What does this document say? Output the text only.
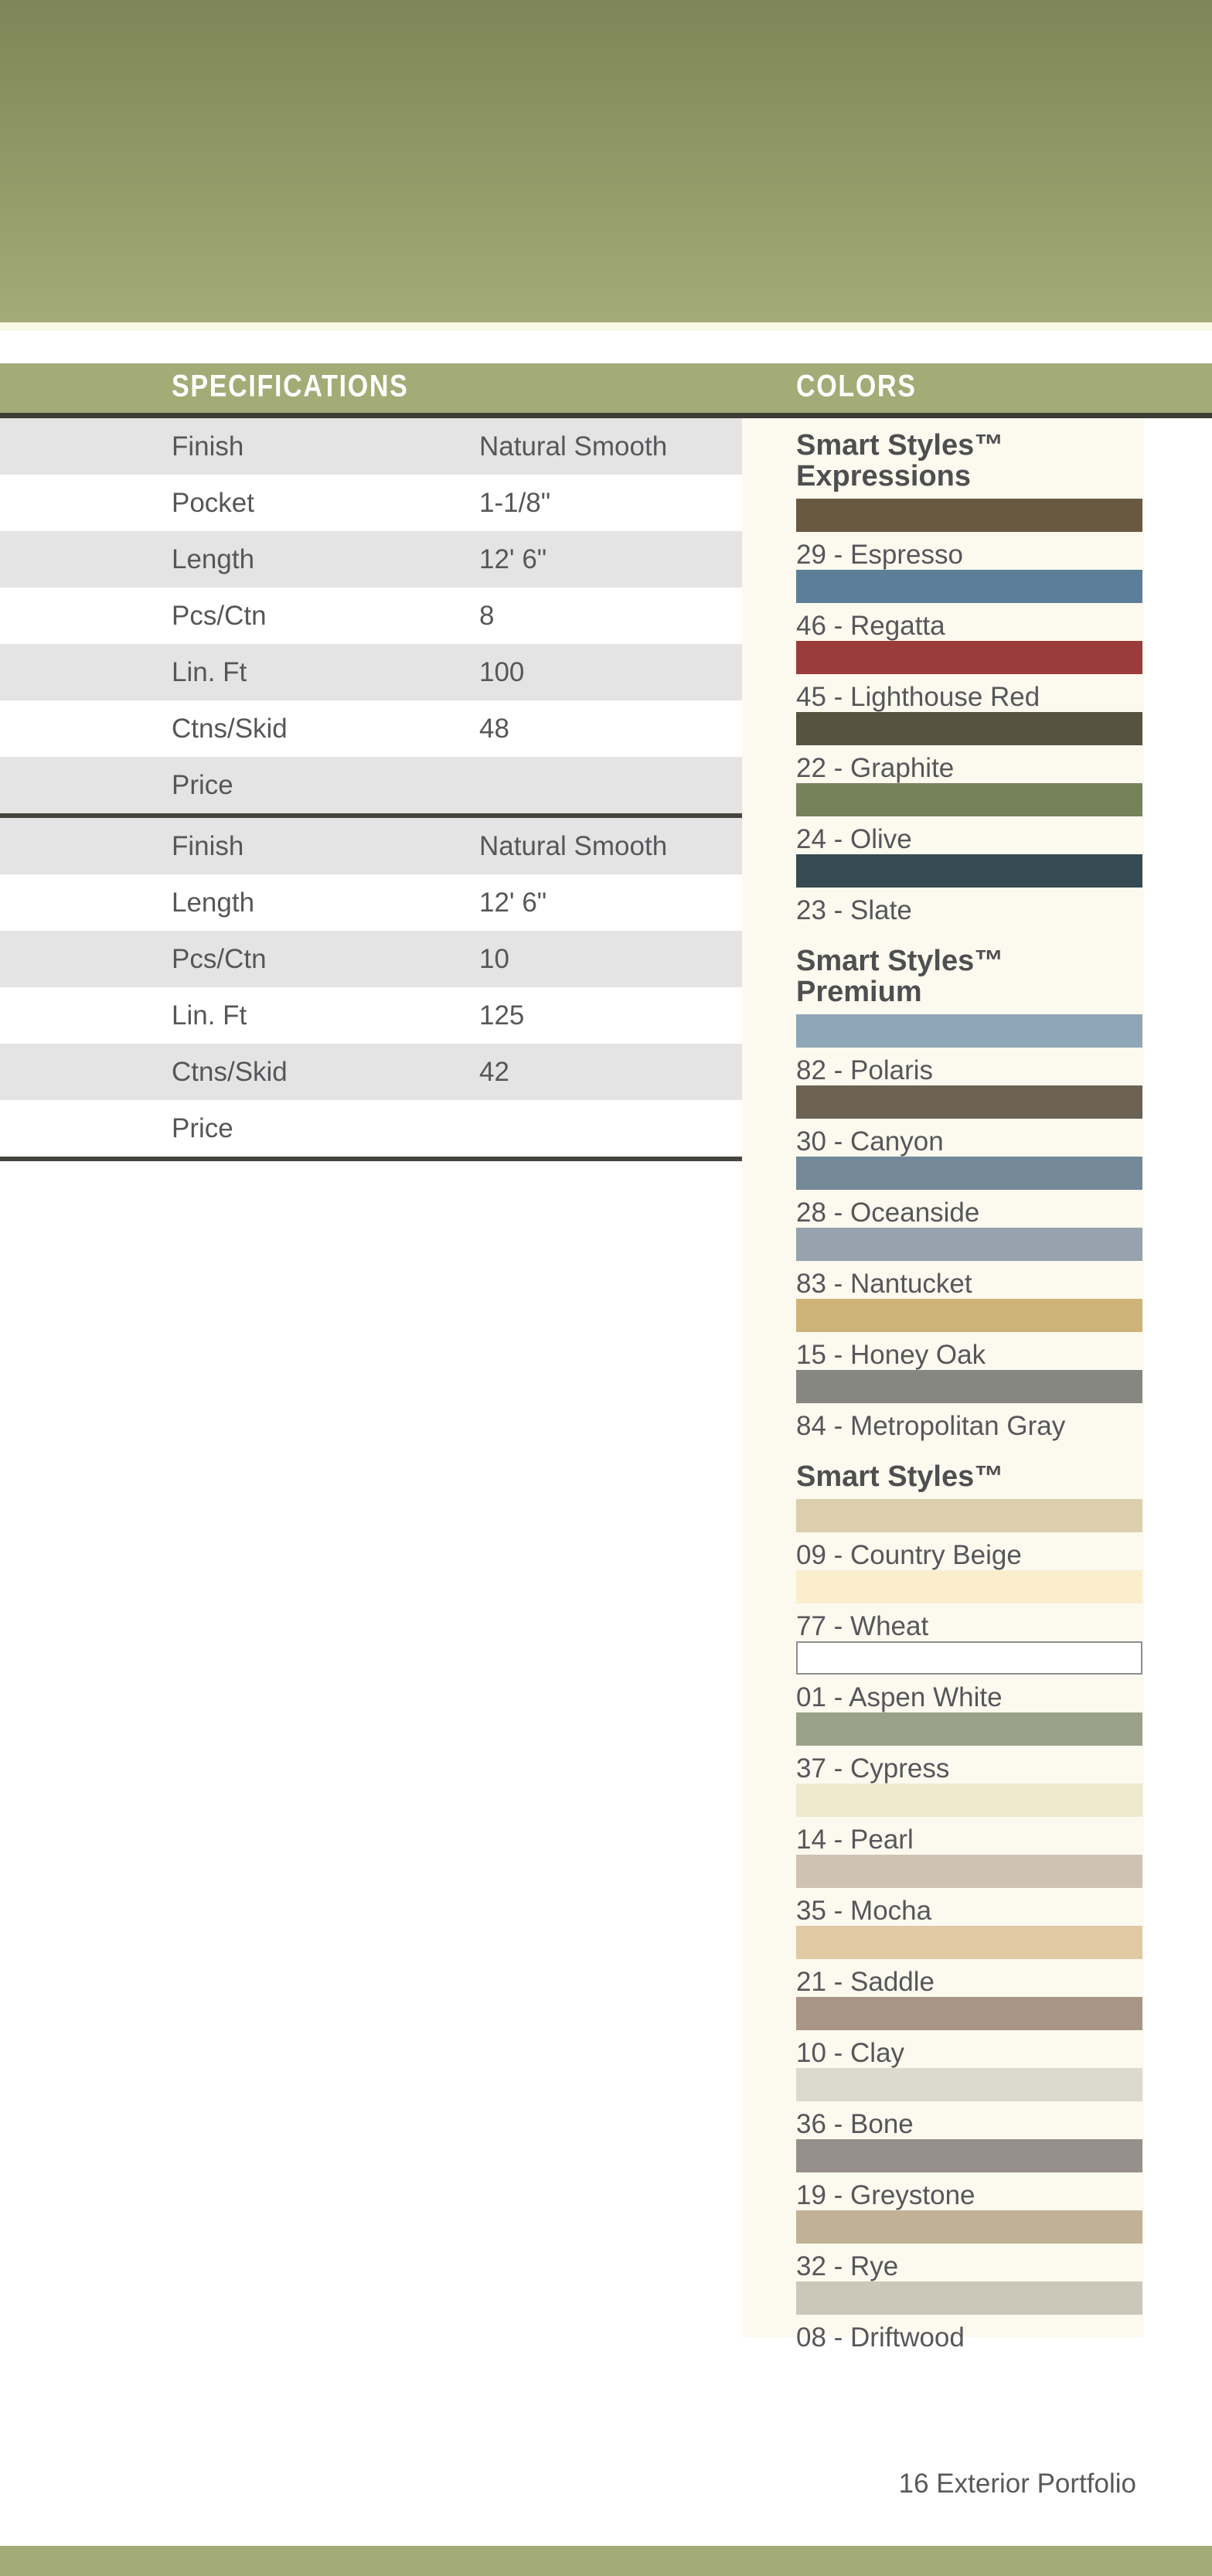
SPECIFICATIONS	COLORS
Finish	Natural Smooth
Pocket	1-1/8"
Length	12' 6"
Pcs/Ctn	8
Lin. Ft	100
Ctns/Skid	48
Price
Finish	Natural Smooth
Length	12' 6"
Pcs/Ctn	10
Lin. Ft	125
Ctns/Skid	42
Price
Smart Styles™
Expressions
29 - Espresso
46 - Regatta
45 - Lighthouse Red
22 - Graphite
24 - Olive
23 - Slate
Smart Styles™
Premium
82 - Polaris
30 - Canyon
28 - Oceanside
83 - Nantucket
15 - Honey Oak
84 - Metropolitan Gray
Smart Styles™
09 - Country Beige
77 - Wheat
01 - Aspen White
37 - Cypress
14 - Pearl
35 - Mocha
21 - Saddle
10 - Clay
36 - Bone
19 - Greystone
32 - Rye
08 - Driftwood
16 Exterior Portfolio
